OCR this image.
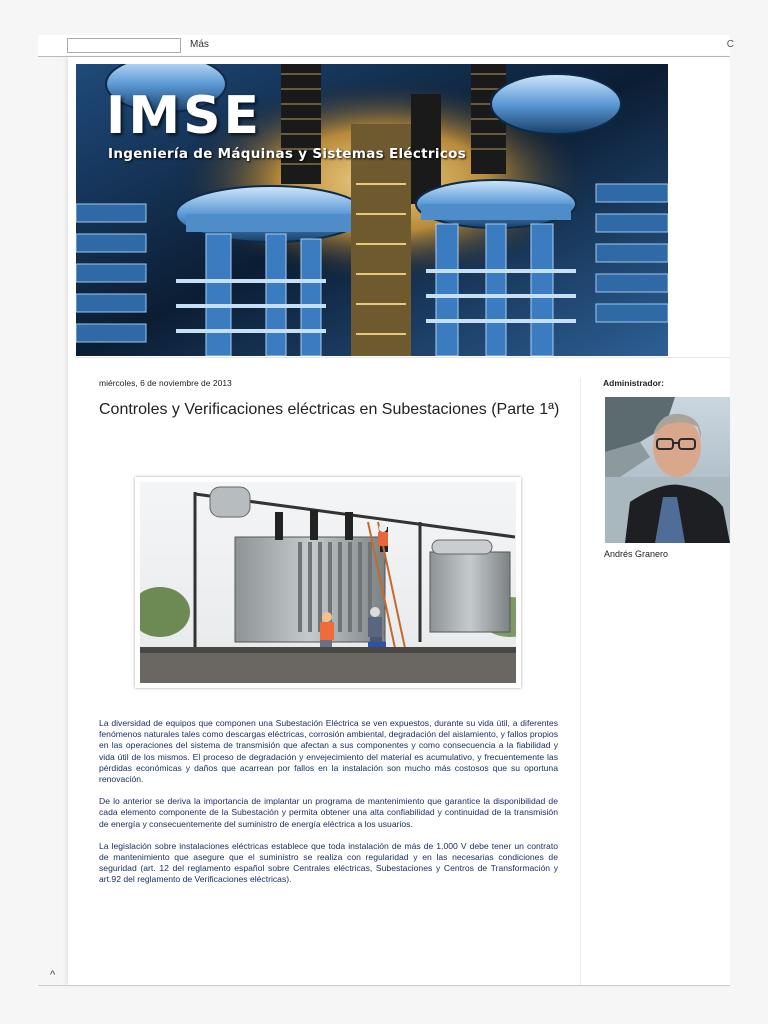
Más	C
IMSE
Ingeniería de Máquinas y Sistemas Eléctricos
miércoles, 6 de noviembre de 2013
Controles y Verificaciones eléctricas en Subestaciones (Parte 1ª)

La diversidad de equipos que componen una Subestación Eléctrica se ven expuestos, durante su vida útil, a diferentes fenómenos naturales tales como descargas eléctricas, corrosión ambiental, degradación del aislamiento, y fallos propios en las operaciones del sistema de transmisión que afectan a sus componentes y como consecuencia a la fiabilidad y vida útil de los mismos. El proceso de degradación y envejecimiento del material es acumulativo, y frecuentemente las pérdidas económicas y daños que acarrean por fallos en la instalación son mucho más costosos que su oportuna renovación.

De lo anterior se deriva la importancia de implantar un programa de mantenimiento que garantice la disponibilidad de cada elemento componente de la Subestación y permita obtener una alta confiabilidad y continuidad de la transmisión de energía y consecuentemente del suministro de energía eléctrica a los usuarios.

La legislación sobre instalaciones eléctricas establece que toda instalación de más de 1.000 V debe tener un contrato de mantenimiento que asegure que el suministro se realiza con regularidad y en las necesarias condiciones de seguridad (art. 12 del reglamento español sobre Centrales eléctricas, Subestaciones y Centros de Transformación y art.92 del reglamento de Verificaciones eléctricas).

Administrador:
Andrés Granero
^
